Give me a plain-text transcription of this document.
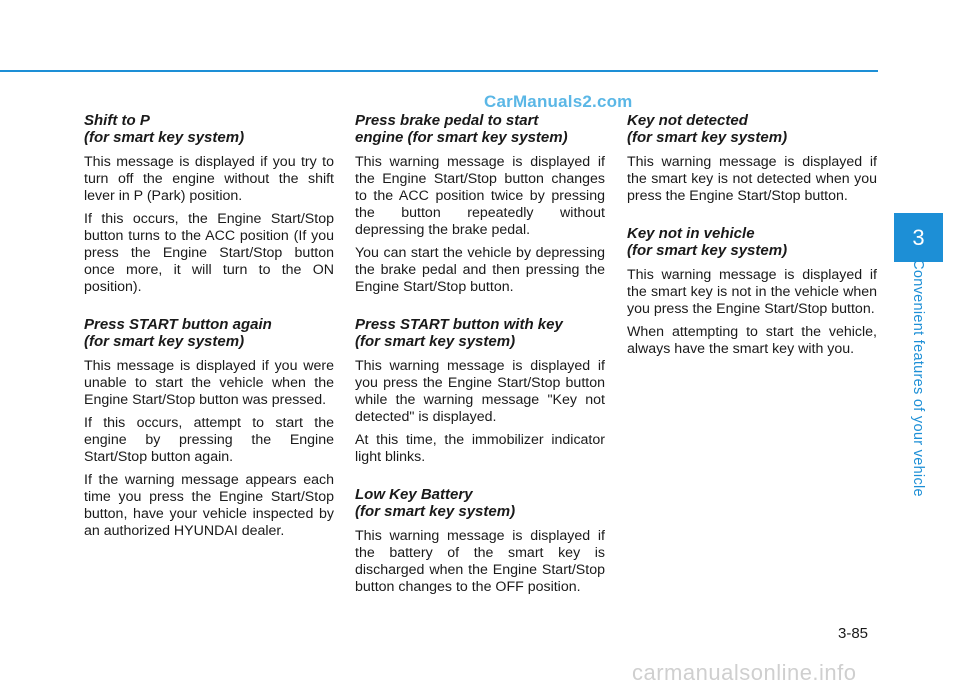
CarManuals2.com
Shift to P
(for smart key system)

This message is displayed if you try to turn off the engine without the shift lever in P (Park) position.

If this occurs, the Engine Start/Stop button turns to the ACC position (If you press the Engine Start/Stop button once more, it will turn to the ON position).

Press START button again
(for smart key system)

This message is displayed if you were unable to start the vehicle when the Engine Start/Stop button was pressed.

If this occurs, attempt to start the engine by pressing the Engine Start/Stop button again.

If the warning message appears each time you press the Engine Start/Stop button, have your vehicle inspected by an authorized HYUNDAI dealer.

Press brake pedal to start
engine (for smart key system)

This warning message is displayed if the Engine Start/Stop button changes to the ACC position twice by pressing the button repeatedly without depressing the brake pedal.

You can start the vehicle by depressing the brake pedal and then pressing the Engine Start/Stop button.

Press START button with key
(for smart key system)

This warning message is displayed if you press the Engine Start/Stop button while the warning message "Key not detected" is displayed.

At this time, the immobilizer indicator light blinks.

Low Key Battery
(for smart key system)

This warning message is displayed if the battery of the smart key is discharged when the Engine Start/Stop button changes to the OFF position.

Key not detected
(for smart key system)

This warning message is displayed if the smart key is not detected when you press the Engine Start/Stop button.

Key not in vehicle
(for smart key system)

This warning message is displayed if the smart key is not in the vehicle when you press the Engine Start/Stop button.

When attempting to start the vehicle, always have the smart key with you.

3
Convenient features of your vehicle
3-85
carmanualsonline.info
